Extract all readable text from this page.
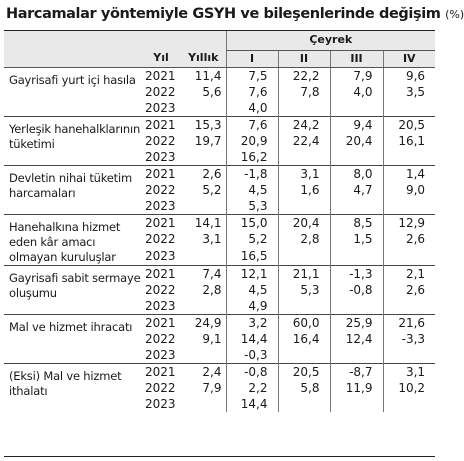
Harcamalar yöntemiyle GSYH ve bileşenlerinde değişim (%)
			Çeyrek			
	Yıl	Yıllık	I	II	III	IV

Gayrisafi yurt içi hasıla	2021	11,4	7,5	22,2	7,9	9,6
	2022	5,6	7,6	7,8	4,0	3,5
	2023		4,0			

Yerleşik hanehalklarının tüketimi	2021	15,3	7,6	24,2	9,4	20,5
	2022	19,7	20,9	22,4	20,4	16,1
	2023		16,2			

Devletin nihai tüketim harcamaları	2021	2,6	-1,8	3,1	8,0	1,4
	2022	5,2	4,5	1,6	4,7	9,0
	2023		5,3			

Hanehalkına hizmet eden kâr amacı olmayan kuruluşlar	2021	14,1	15,0	20,4	8,5	12,9
	2022	3,1	5,2	2,8	1,5	2,6
	2023		16,5			

Gayrisafi sabit sermaye oluşumu	2021	7,4	12,1	21,1	-1,3	2,1
	2022	2,8	4,5	5,3	-0,8	2,6
	2023		4,9			

Mal ve hizmet ihracatı	2021	24,9	3,2	60,0	25,9	21,6
	2022	9,1	14,4	16,4	12,4	-3,3
	2023		-0,3			

(Eksi) Mal ve hizmet ithalatı	2021	2,4	-0,8	20,5	-8,7	3,1
	2022	7,9	2,2	5,8	11,9	10,2
	2023		14,4			
